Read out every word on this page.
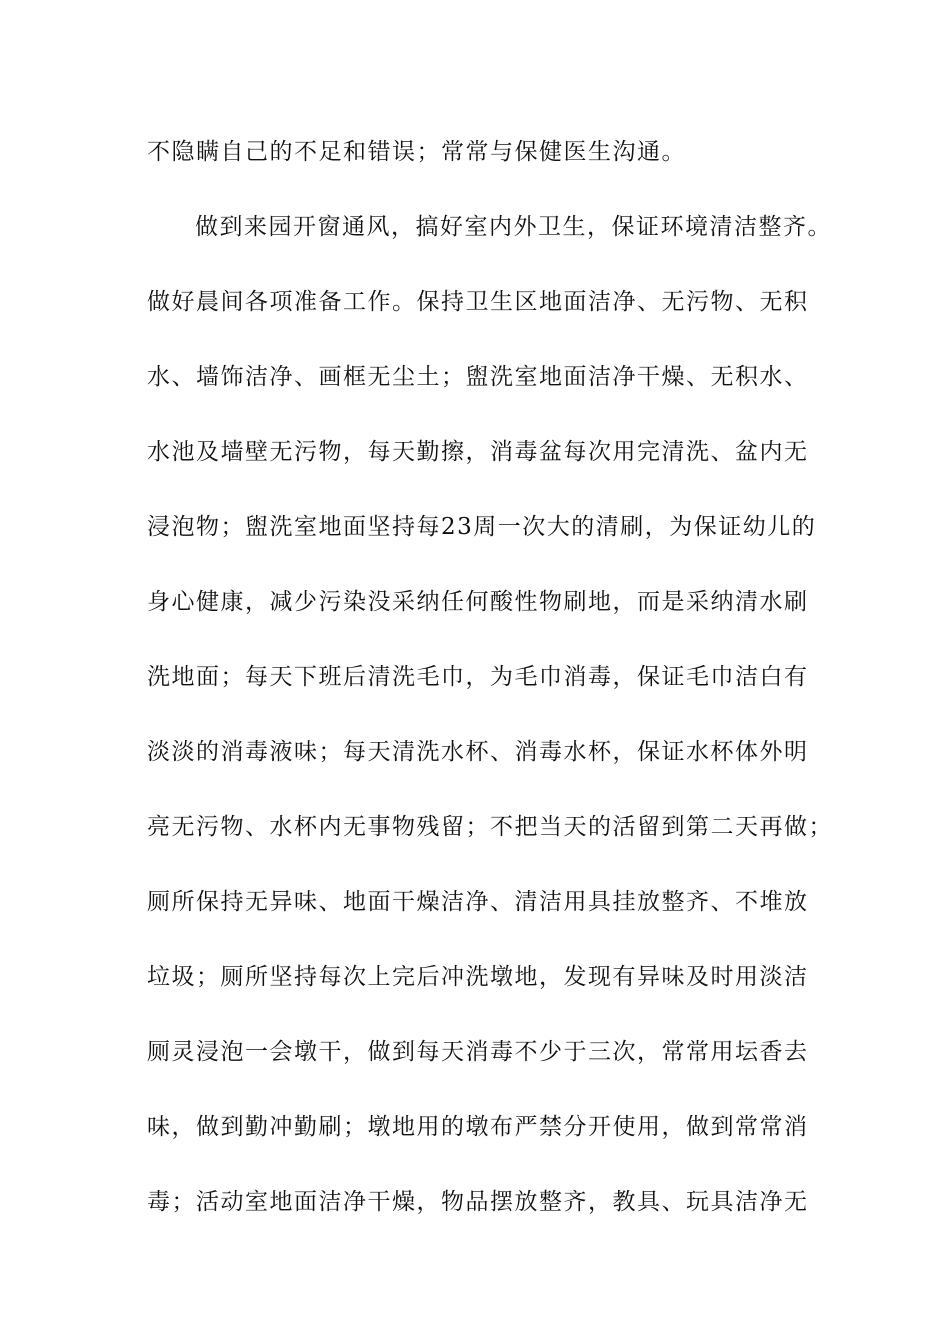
不隐瞒自己的不足和错误；常常与保健医生沟通。
做到来园开窗通风，搞好室内外卫生，保证环境清洁整齐。
做好晨间各项准备工作。保持卫生区地面洁净、无污物、无积
水、墙饰洁净、画框无尘土；盥洗室地面洁净干燥、无积水、
水池及墙壁无污物，每天勤擦，消毒盆每次用完清洗、盆内无
浸泡物；盥洗室地面坚持每23周一次大的清刷，为保证幼儿的
身心健康，减少污染没采纳任何酸性物刷地，而是采纳清水刷
洗地面；每天下班后清洗毛巾，为毛巾消毒，保证毛巾洁白有
淡淡的消毒液味；每天清洗水杯、消毒水杯，保证水杯体外明
亮无污物、水杯内无事物残留；不把当天的活留到第二天再做；
厕所保持无异味、地面干燥洁净、清洁用具挂放整齐、不堆放
垃圾；厕所坚持每次上完后冲洗墩地，发现有异味及时用淡洁
厕灵浸泡一会墩干，做到每天消毒不少于三次，常常用坛香去
味，做到勤冲勤刷；墩地用的墩布严禁分开使用，做到常常消
毒；活动室地面洁净干燥，物品摆放整齐，教具、玩具洁净无
